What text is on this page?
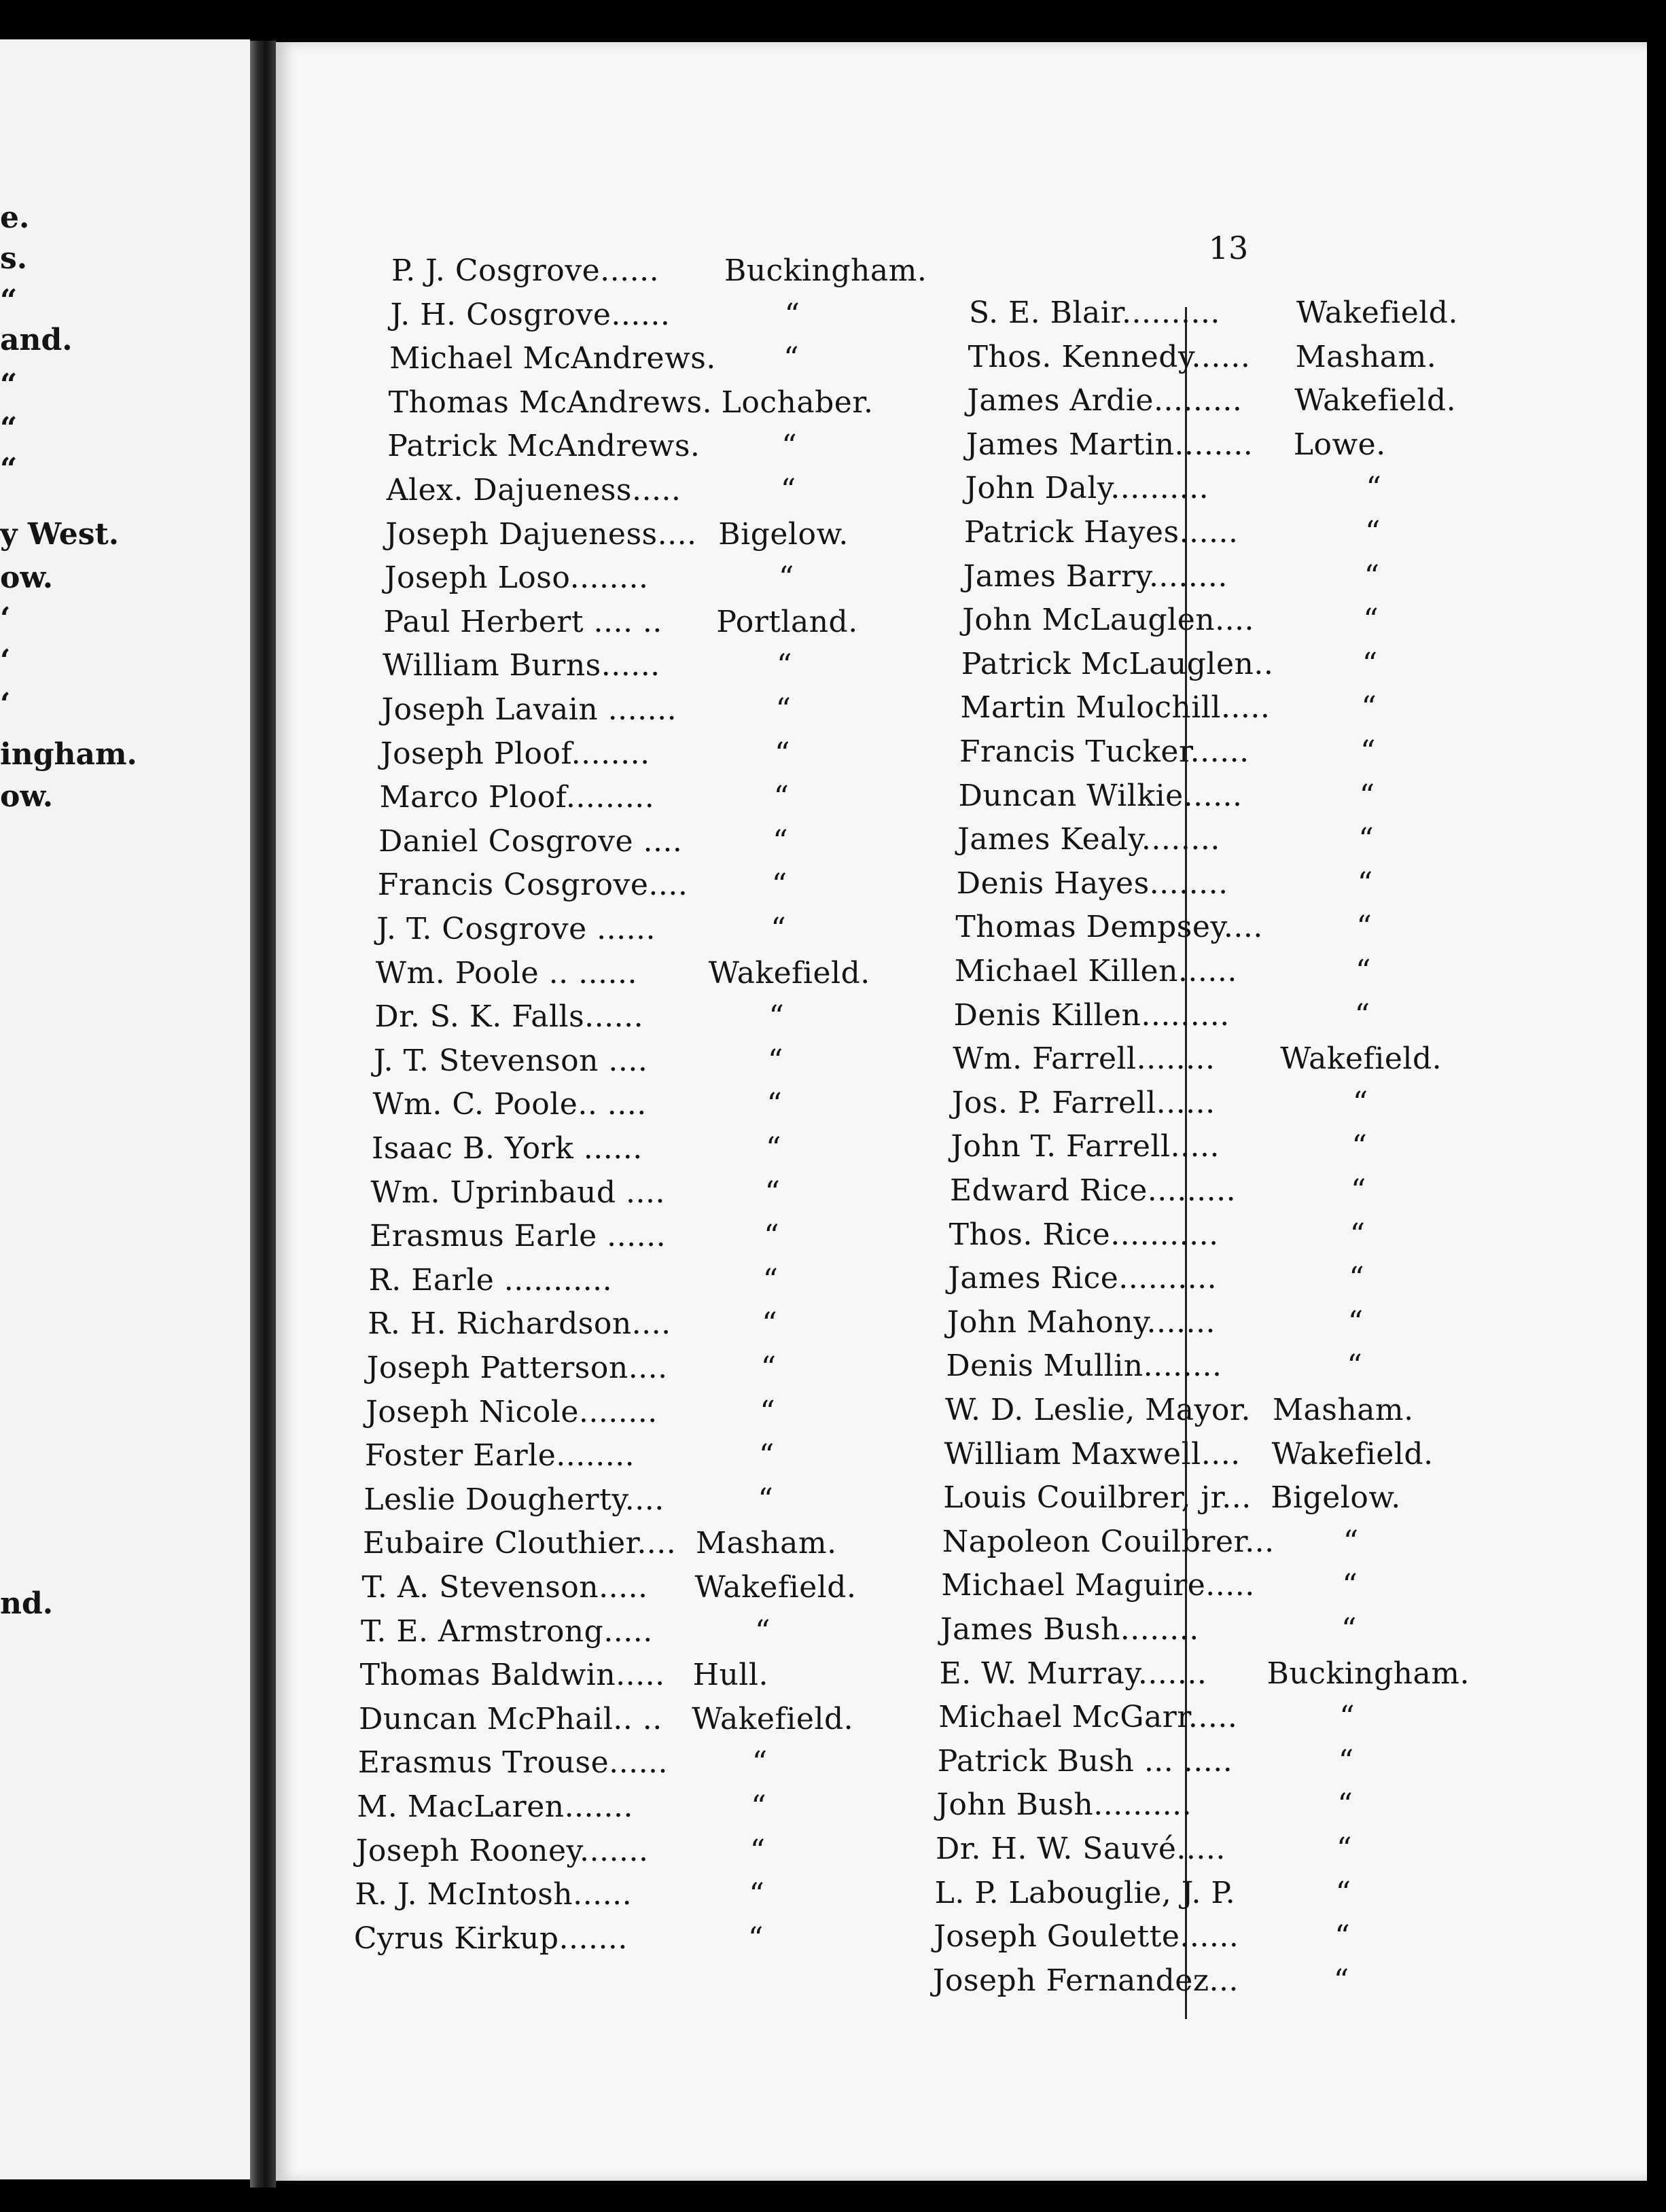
e.
s.
“
and.
“
“
“
y West.
ow.
‘
‘
‘
ingham.
ow.
nd.
13
P. J. Cosgrove...... Buckingham.
J. H. Cosgrove......	“
Michael McAndrews. “
Thomas McAndrews. Lochaber.
Patrick McAndrews.	“
Alex. Dajueness.....	“
Joseph Dajueness.... Bigelow.
Joseph Loso........	“
Paul Herbert .... .. Portland.
William Burns......	“
Joseph Lavain .......	“
Joseph Ploof........	“
Marco Ploof.........	“
Daniel Cosgrove ....	“
Francis Cosgrove....	“
J. T. Cosgrove ......	“
Wm. Poole .. ...... Wakefield.
Dr. S. K. Falls......	“
J. T. Stevenson ....	“
Wm. C. Poole.. ....	“
Isaac B. York ......	“
Wm. Uprinbaud ....	“
Erasmus Earle ......	“
R. Earle ...........	“
R. H. Richardson....	“
Joseph Patterson....	“
Joseph Nicole........	“
Foster Earle........	“
Leslie Dougherty....	“
Eubaire Clouthier.... Masham.
T. A. Stevenson..... Wakefield.
T. E. Armstrong.....	“
Thomas Baldwin..... Hull.
Duncan McPhail.. .. Wakefield.
Erasmus Trouse......	“
M. MacLaren.......	“
Joseph Rooney.......	“
R. J. McIntosh......	“
Cyrus Kirkup.......	“
S. E. Blair..........	Wakefield.
Thos. Kennedy...... Masham.
James Ardie......... Wakefield.
James Martin........ Lowe.
John Daly..........	“
Patrick Hayes......	“
James Barry........	“
John McLauglen....	“
Patrick McLauglen..	“
Martin Mulochill.....	“
Francis Tucker......	“
Duncan Wilkie......	“
James Kealy........	“
Denis Hayes........	“
Thomas Dempsey....	“
Michael Killen......	“
Denis Killen.........	“
Wm. Farrell........ Wakefield.
Jos. P. Farrell......	“
John T. Farrell.....	“
Edward Rice.........	“
Thos. Rice...........	“
James Rice..........	“
John Mahony.......	“
Denis Mullin........	“
W. D. Leslie, Mayor. Masham.
William Maxwell.... Wakefield.
Louis Couilbrer, jr... Bigelow.
Napoleon Couilbrer... “
Michael Maguire.....	“
James Bush........	“
E. W. Murray....... Buckingham.
Michael McGarr.....	“
Patrick Bush ... .....	“
John Bush..........	“
Dr. H. W. Sauvé.....	“
L. P. Labouglie, J. P.	“
Joseph Goulette......	“
Joseph Fernandez...	“
